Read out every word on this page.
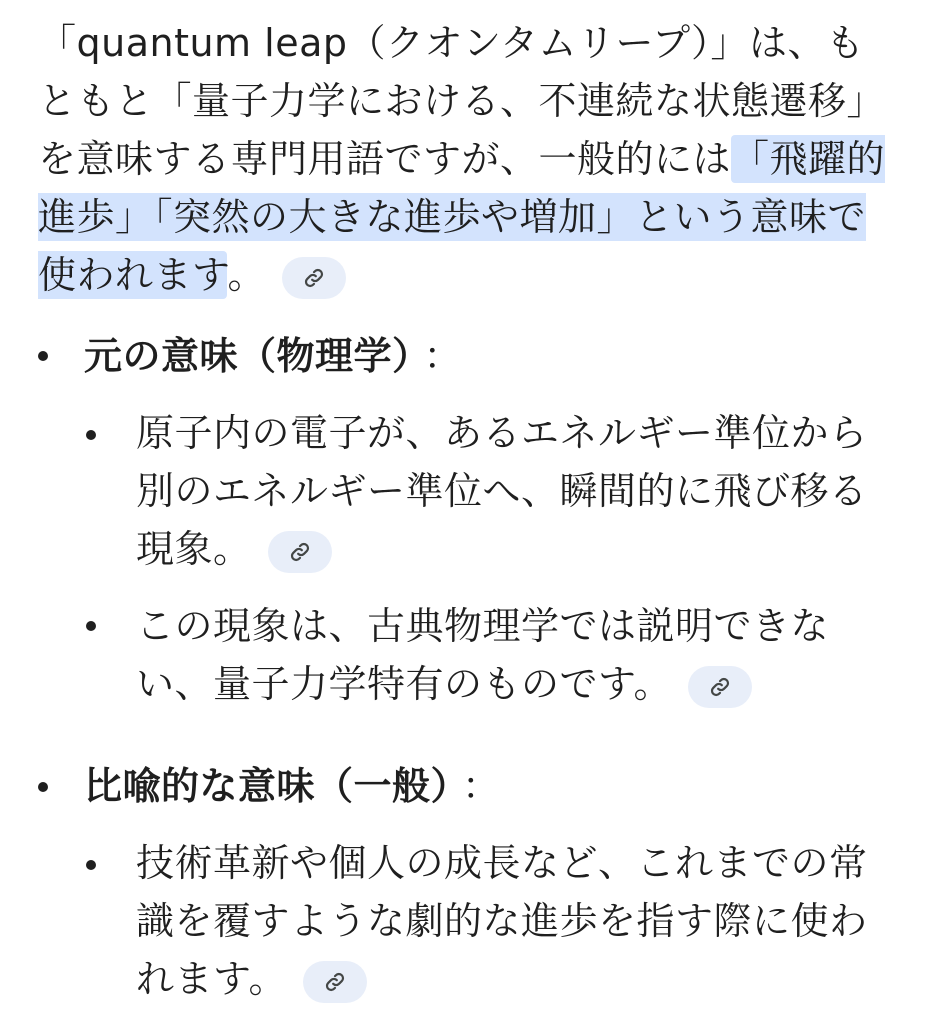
「quantum leap（クオンタムリープ）」は、もともと「量子力学における、不連続な状態遷移」を意味する専門用語ですが、一般的には「飛躍的進歩」「突然の大きな進歩や増加」という意味で使われます。

元の意味（物理学） ：

原子内の電子が、あるエネルギー準位から別のエネルギー準位へ、瞬間的に飛び移る現象。

この現象は、古典物理学では説明できない、量子力学特有のものです。

比喩的な意味（一般） ：

技術革新や個人の成長など、これまでの常識を覆すような劇的な進歩を指す際に使われます。
